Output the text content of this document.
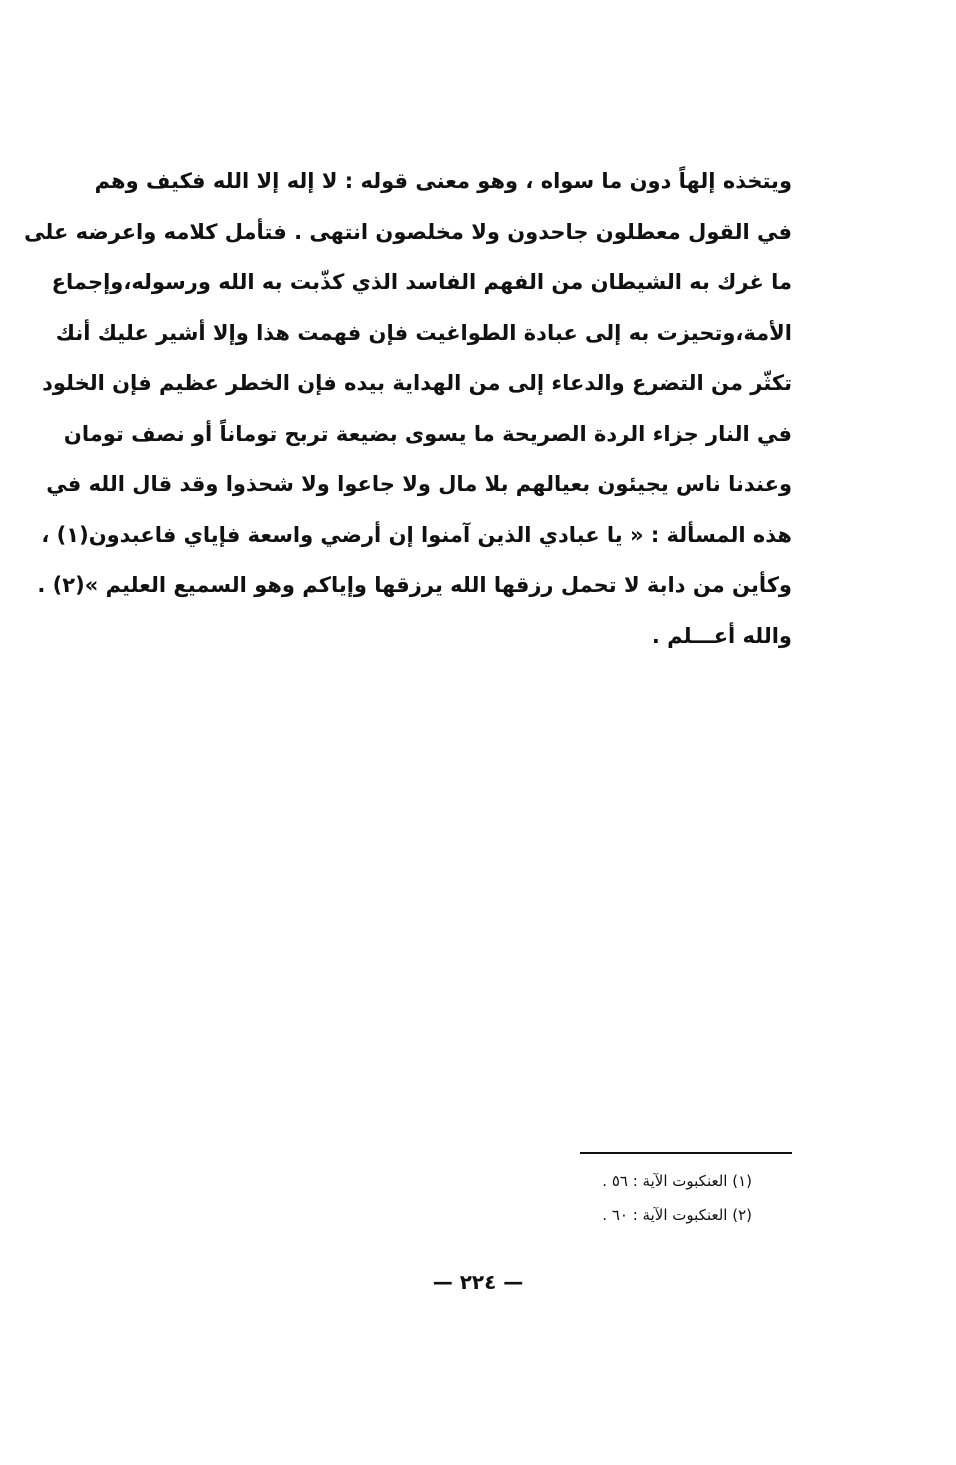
ويتخذه إلهاً دون ما سواه ، وهو معنى قوله : لا إله إلا الله فكيف وهم
في القول معطلون جاحدون ولا مخلصون انتهى . فتأمل كلامه واعرضه على
ما غرك به الشيطان من الفهم الفاسد الذي كذّبت به الله ورسوله،وإجماع
الأمة،وتحيزت به إلى عبادة الطواغيت فإن فهمت هذا وإلا أشير عليك أنك
تكثّر من التضرع والدعاء إلى من الهداية بيده فإن الخطر عظيم فإن الخلود
في النار جزاء الردة الصريحة ما يسوى بضيعة تربح توماناً أو نصف تومان
وعندنا ناس يجيئون بعيالهم بلا مال ولا جاعوا ولا شحذوا وقد قال الله في
هذه المسألة : « يا عبادي الذين آمنوا إن أرضي واسعة فإياي فاعبدون(١) ،
وكأين من دابة لا تحمل رزقها الله يرزقها وإياكم وهو السميع العليم »(٢) .
والله أعـــلم .
(١) العنكبوت الآية : ٥٦ .
(٢) العنكبوت الآية : ٦٠ .
— ٢٢٤ —
